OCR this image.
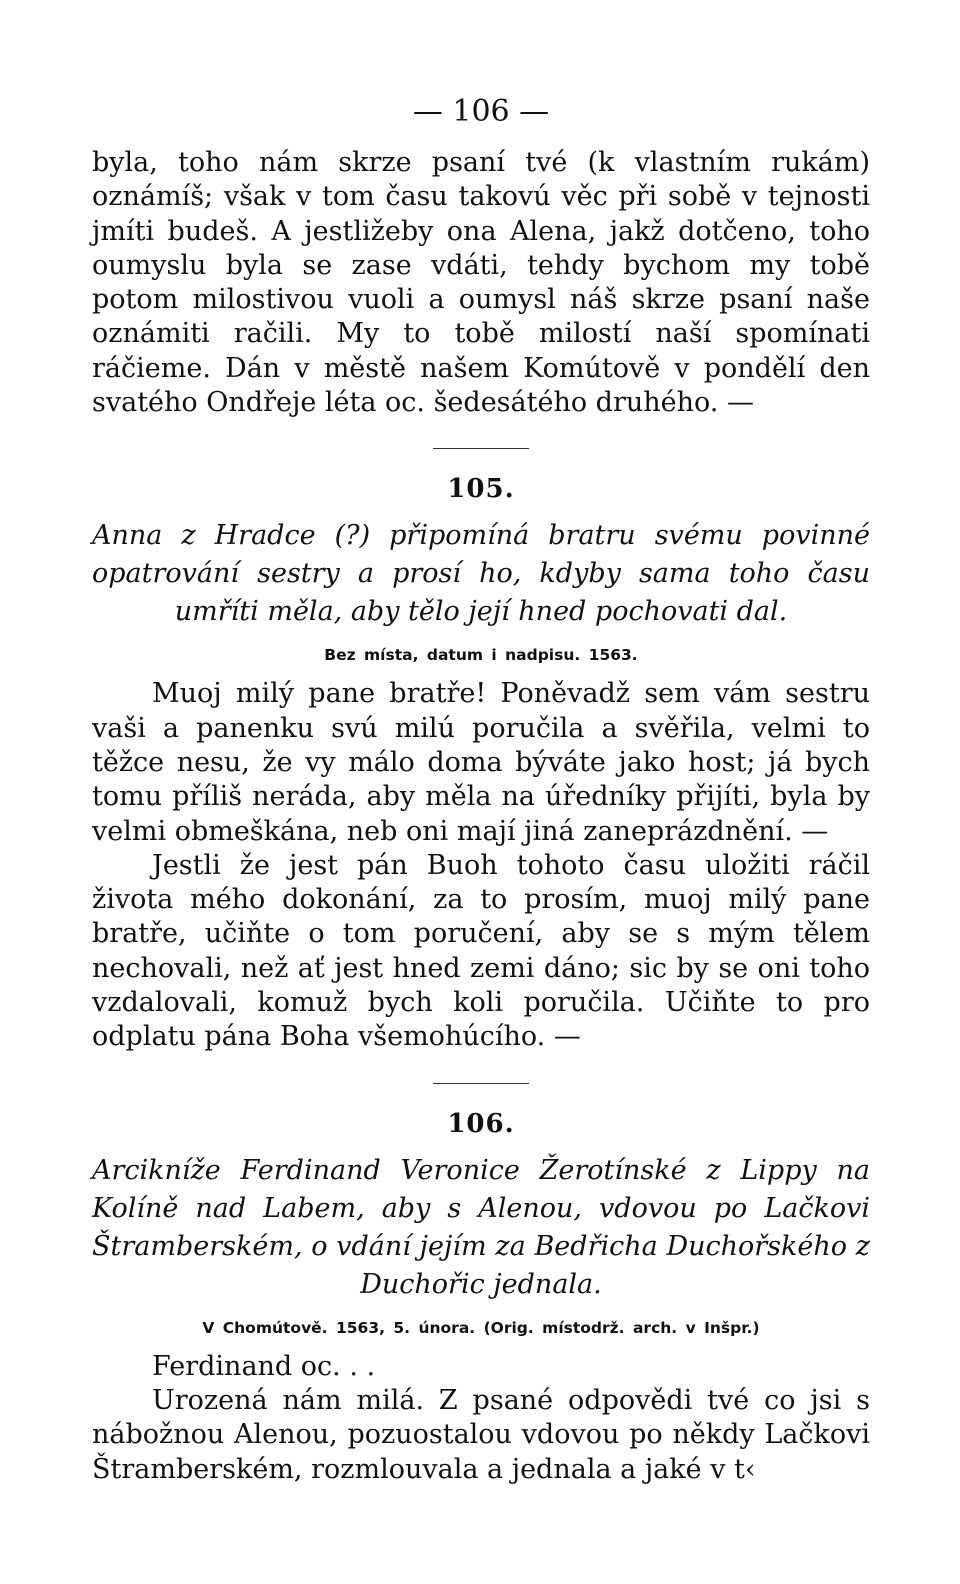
— 106 —

byla, toho nám skrze psaní tvé (k vlastním rukám) oznámíš; však v tom času takovú věc při sobě v tejnosti jmíti budeš. A jestližeby ona Alena, jakž dotčeno, toho oumyslu byla se zase vdáti, tehdy bychom my tobě potom milostivou vuoli a oumysl náš skrze psaní naše oznámiti račili. My to tobě milostí naší spomínati ráčieme. Dán v městě našem Komútově v pondělí den svatého Ondřeje léta oc. šedesátého druhého. —

105.

Anna z Hradce (?) připomíná bratru svému povinné opatrování sestry a prosí ho, kdyby sama toho času umříti měla, aby tělo její hned pochovati dal.

Bez místa, datum i nadpisu. 1563.

Muoj milý pane bratře! Poněvadž sem vám sestru vaši a panenku svú milú poručila a svěřila, velmi to těžce nesu, že vy málo doma býváte jako host; já bych tomu příliš neráda, aby měla na úředníky přijíti, byla by velmi obmeškána, neb oni mají jiná zaneprázdnění. —

Jestli že jest pán Buoh tohoto času uložiti ráčil života mého dokonání, za to prosím, muoj milý pane bratře, učiňte o tom poručení, aby se s mým tělem nechovali, než ať jest hned zemi dáno; sic by se oni toho vzdalovali, komuž bych koli poručila. Učiňte to pro odplatu pána Boha všemohúcího. —

106.

Arcikníže Ferdinand Veronice Žerotínské z Lippy na Kolíně nad Labem, aby s Alenou, vdovou po Lačkovi Štramberském, o vdání jejím za Bedřicha Duchořského z Duchořic jednala.

V Chomútově. 1563, 5. února. (Orig. místodrž. arch. v Inšpr.)

Ferdinand oc. . .

Urozená nám milá. Z psané odpovědi tvé co jsi s nábožnou Alenou, pozuostalou vdovou po někdy Lačkovi Štramberském, rozmlouvala a jednala a jaké v t‹
